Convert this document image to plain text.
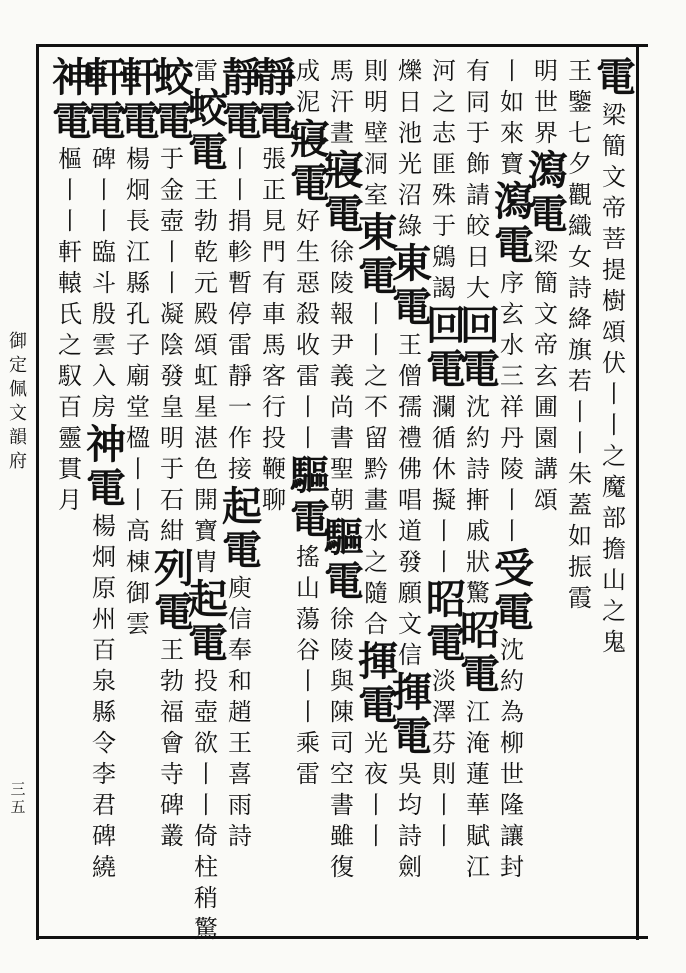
御
定
佩
文
韻
府
三
五
電
梁
簡
文
帝
菩
提
樹
頌
伏
丨
丨
之
魔
部
擔
山
之
鬼
王
鑒
七
夕
觀
織
女
詩
絳
旗
若
丨
丨
朱
蓋
如
振
霞
明
世
界
瀉
電
梁
簡
文
帝
玄
圃
園
講
頌
丨
如
來
寶
瀉
電
序
玄
水
三
祥
丹
陵
丨
丨
受
電
沈
約
為
柳
世
隆
讓
封
有
同
于
飾
請
皎
日
大
回
電
沈
約
詩
搟
戚
狀
驚
昭
電
江
淹
蓮
華
賦
江
河
之
志
匪
殊
于
鶂
謁
回
電
瀾
循
休
擬
丨
丨
昭
電
淡
澤
芬
則
丨
丨
爍
日
池
光
沼
綠
東
電
王
僧
孺
禮
佛
唱
道
發
願
文
信
揮
電
吳
均
詩
劍
則
明
壁
洞
室
東
電
丨
丨
之
不
留
黔
畫
水
之
隨
合
揮
電
光
夜
丨
丨
馬
汗
晝
寢
電
徐
陵
報
尹
義
尚
書
聖
朝
驅
電
徐
陵
與
陳
司
空
書
雖
復
成
泥
寢
電
好
生
惡
殺
收
雷
丨
丨
驅
電
搖
山
蕩
谷
丨
丨
乘
雷
靜
電
張
正
見
門
有
車
馬
客
行
投
鞭
聊
靜
電
丨
丨
捐
軫
暫
停
雷
靜
一
作
接
起
電
庾
信
奉
和
趙
王
喜
雨
詩
雷
蛟
電
王
勃
乾
元
殿
頌
虹
星
湛
色
開
寶
胄
起
電
投
壺
欲
丨
丨
倚
柱
稍
驚
蛟
電
于
金
壺
丨
丨
凝
陰
發
皇
明
于
石
紺
列
電
王
勃
福
會
寺
碑
叢
軒
電
楊
炯
長
江
縣
孔
子
廟
堂
楹
丨
丨
高
棟
御
雲
軒
電
碑
丨
丨
臨
斗
殷
雲
入
房
神
電
楊
炯
原
州
百
泉
縣
令
李
君
碑
繞
神
電
樞
丨
丨
軒
轅
氏
之
馭
百
靈
貫
月
